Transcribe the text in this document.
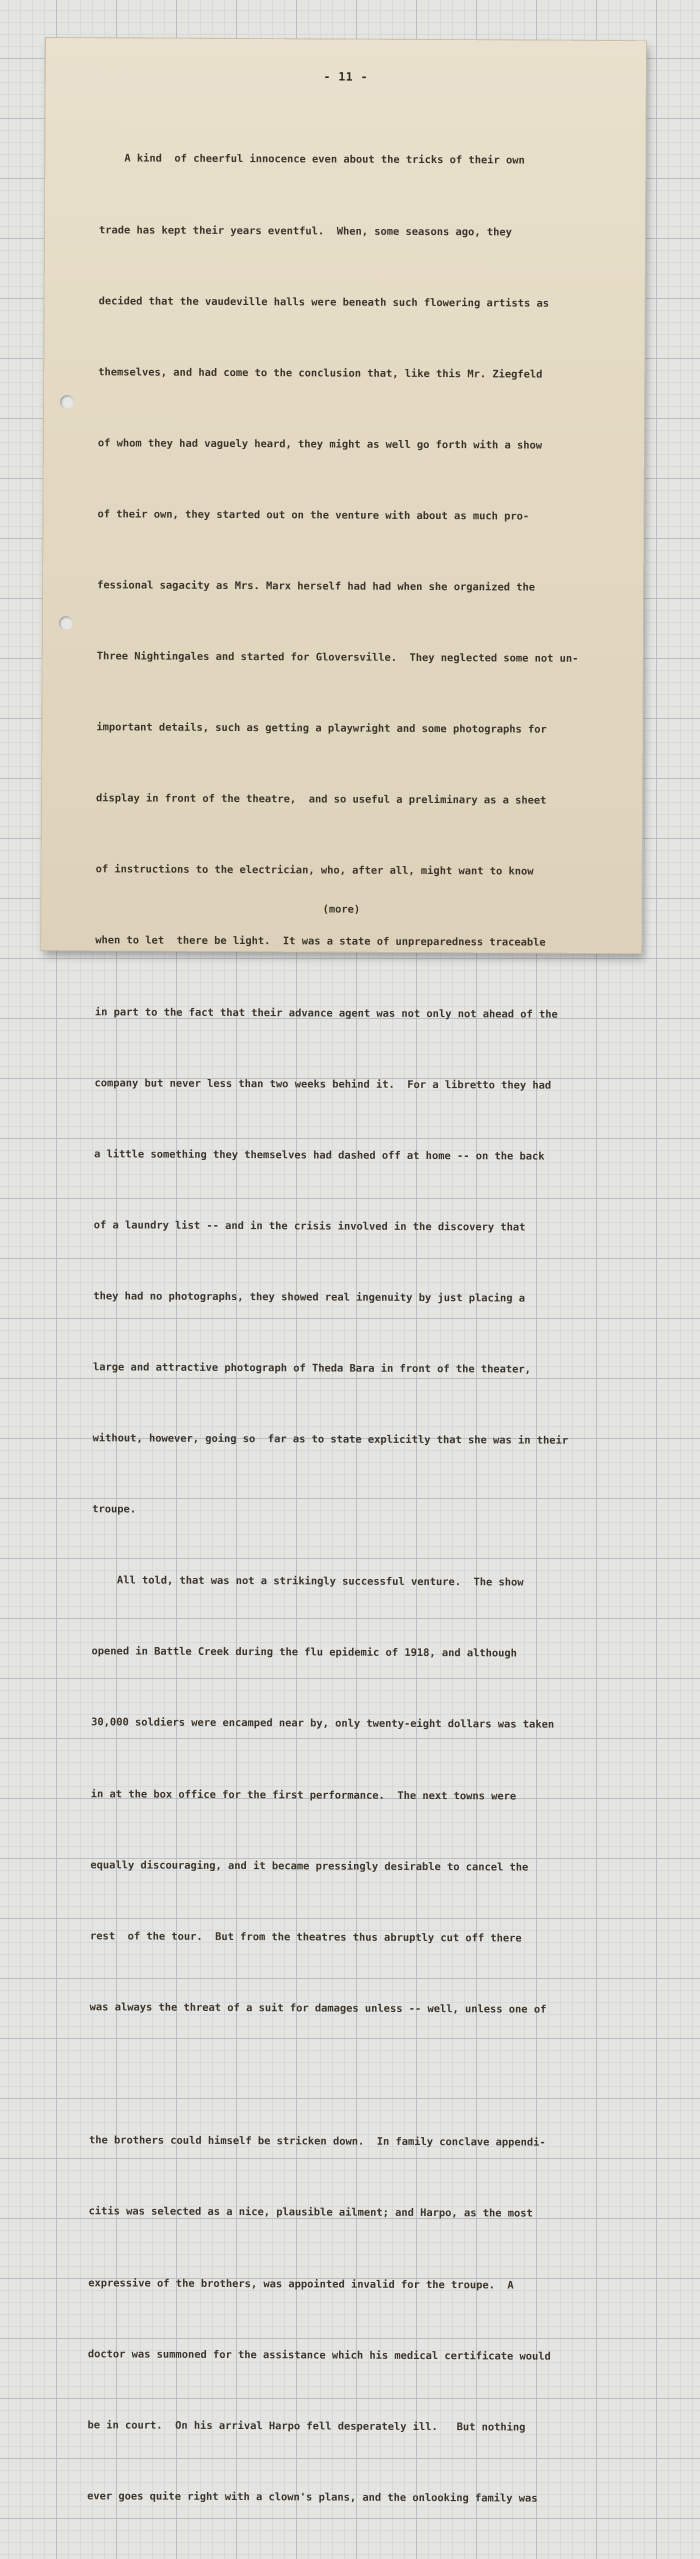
- 11 -

A kind  of cheerful innocence even about the tricks of their own

trade has kept their years eventful.  When, some seasons ago, they

decided that the vaudeville halls were beneath such flowering artists as

themselves, and had come to the conclusion that, like this Mr. Ziegfeld

of whom they had vaguely heard, they might as well go forth with a show

of their own, they started out on the venture with about as much pro-

fessional sagacity as Mrs. Marx herself had had when she organized the

Three Nightingales and started for Gloversville.  They neglected some not un-

important details, such as getting a playwright and some photographs for

display in front of the theatre,  and so useful a preliminary as a sheet

of instructions to the electrician, who, after all, might want to know

when to let  there be light.  It was a state of unpreparedness traceable

in part to the fact that their advance agent was not only not ahead of the

company but never less than two weeks behind it.  For a libretto they had

a little something they themselves had dashed off at home -- on the back

of a laundry list -- and in the crisis involved in the discovery that

they had no photographs, they showed real ingenuity by just placing a

large and attractive photograph of Theda Bara in front of the theater,

without, however, going so  far as to state explicitly that she was in their

troupe.

All told, that was not a strikingly successful venture.  The show

opened in Battle Creek during the flu epidemic of 1918, and although

30,000 soldiers were encamped near by, only twenty-eight dollars was taken

in at the box office for the first performance.  The next towns were

equally discouraging, and it became pressingly desirable to cancel the

rest  of the tour.  But from the theatres thus abruptly cut off there

was always the threat of a suit for damages unless -- well, unless one of

the brothers could himself be stricken down.  In family conclave appendi-

citis was selected as a nice, plausible ailment; and Harpo, as the most

expressive of the brothers, was appointed invalid for the troupe.  A

doctor was summoned for the assistance which his medical certificate would

be in court.  On his arrival Harpo fell desperately ill.   But nothing

ever goes quite right with a clown's plans, and the onlooking family was

(more)
